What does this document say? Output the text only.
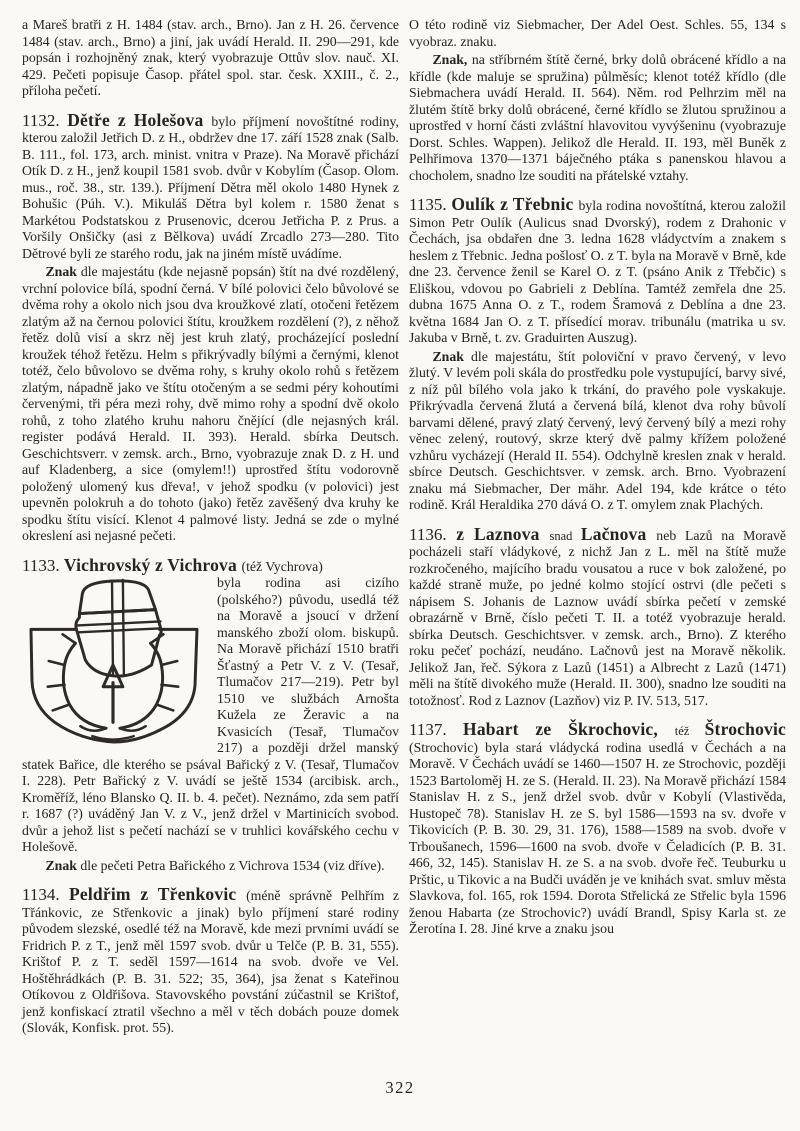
a Mareš bratři z H. 1484 (stav. arch., Brno). Jan z H. 26. července 1484 (stav. arch., Brno) a jiní, jak uvádí Herald. II. 290—291, kde popsán i rozhojněný znak, který vyobrazuje Ottův slov. nauč. XI. 429. Pečeti popisuje Časop. přátel spol. star. česk. XXIII., č. 2., příloha pečetí.

1132. Dětře z Holešova bylo příjmení novoštítné rodiny, kterou založil Jetřich D. z H., obdržev dne 17. září 1528 znak (Salb. B. 111., fol. 173, arch. minist. vnitra v Praze). Na Moravě přichází Otík D. z H., jenž koupil 1581 svob. dvůr v Kobylím (Časop. Olom. mus., roč. 38., str. 139.). Příjmení Dětra měl okolo 1480 Hynek z Bohušic (Púh. V.). Mikuláš Dětra byl kolem r. 1580 ženat s Markétou Podstatskou z Prusenovic, dcerou Jetřicha P. z Prus. a Voršily Onšičky (asi z Bělkova) uvádí Zrcadlo 273—280. Tito Dětrové byli ze starého rodu, jak na jiném místě uvádíme.

Znak dle majestátu (kde nejasně popsán) štít na dvé rozdělený, vrchní polovice bílá, spodní černá. V bílé polovici čelo bůvolové se dvěma rohy a okolo nich jsou dva kroužkové zlatí, otočeni řetězem zlatým až na černou polovici štítu, kroužkem rozdělení (?), z něhož řetěz dolů visí a skrz něj jest kruh zlatý, procházející poslední kroužek téhož řetězu. Helm s přikrývadly bílými a černými, klenot totéž, čelo bůvolovo se dvěma rohy, s kruhy okolo rohů s řetězem zlatým, nápadně jako ve štítu otočeným a se sedmi péry kohoutími červenými, tři péra mezi rohy, dvě mimo rohy a spodní dvě okolo rohů, z toho zlatého kruhu nahoru čnějící (dle nejasných král. register podává Herald. II. 393). Herald. sbírka Deutsch. Geschichtsverr. v zemsk. arch., Brno, vyobrazuje znak D. z H. und auf Kladenberg, a sice (omylem!!) uprostřed štítu vodorovně položený ulomený kus dřeva!, v jehož spodku (v polovici) jest upevněn polokruh a do tohoto (jako) řetěz zavěšený dva kruhy ke spodku štítu visící. Klenot 4 palmové listy. Jedná se zde o mylné okreslení asi nejasné pečeti.

1133. Vichrovský z Vichrova (též Vychrova)

byla rodina asi cizího (polského?) původu, usedlá též na Moravě a jsoucí v držení manského zboží olom. biskupů. Na Moravě přichází 1510 bratři Šťastný a Petr V. z V. (Tesař, Tlumačov 217—219). Petr byl 1510 ve službách Arnošta Kužela ze Žeravic a na Kvasicích (Tesař, Tlumačov 217) a později držel manský statek Bařice, dle kterého se psával Bařický z V. (Tesař, Tlumačov I. 228). Petr Bařický z V. uvádí se ještě 1534 (arcibisk. arch., Kroměříž, léno Blansko Q. II. b. 4. pečet). Neznámo, zda sem patří r. 1687 (?) uváděný Jan V. z V., jenž držel v Martinicích svobod. dvůr a jehož list s pečetí nachází se v truhlici kovářského cechu v Holešově.

Znak dle pečeti Petra Bařického z Vichrova 1534 (viz dříve).

1134. Peldřim z Třenkovic (méně správně Pelhřím z Třánkovic, ze Střenkovic a jinak) bylo příjmení staré rodiny původem slezské, osedlé též na Moravě, kde mezi prvními uvádí se Fridrich P. z T., jenž měl 1597 svob. dvůr u Telče (P. B. 31, 555). Krištof P. z T. seděl 1597—1614 na svob. dvoře ve Vel. Hoštěhrádkách (P. B. 31. 522; 35, 364), jsa ženat s Kateřinou Otíkovou z Oldřišova. Stavovského povstání zúčastnil se Krištof, jenž konfiskací ztratil všechno a měl v těch dobách pouze domek (Slovák, Konfisk. prot. 55).

O této rodině viz Siebmacher, Der Adel Oest. Schles. 55, 134 s vyobraz. znaku.

Znak, na stříbrném štítě černé, brky dolů obrácené křídlo a na křídle (kde maluje se spružina) půlměsíc; klenot totéž křídlo (dle Siebmachera uvádí Herald. II. 564). Něm. rod Pelhrzim měl na žlutém štítě brky dolů obrácené, černé křídlo se žlutou spružinou a uprostřed v horní části zvláštní hlavovitou vyvýšeninu (vyobrazuje Dorst. Schles. Wappen). Jelikož dle Herald. II. 193, měl Buněk z Pelhřimova 1370—1371 báječného ptáka s panenskou hlavou a chocholem, snadno lze souditi na přátelské vztahy.

1135. Oulík z Třebnic byla rodina novoštítná, kterou založil Simon Petr Oulík (Aulicus snad Dvorský), rodem z Drahonic v Čechách, jsa obdařen dne 3. ledna 1628 vládyctvím a znakem s heslem z Třebnic. Jedna pošlosť O. z T. byla na Moravě v Brně, kde dne 23. července ženil se Karel O. z T. (psáno Anik z Třebčic) s Eliškou, vdovou po Gabrieli z Deblína. Tamtéž zemřela dne 25. dubna 1675 Anna O. z T., rodem Šramová z Deblína a dne 23. května 1684 Jan O. z T. přísedící morav. tribunálu (matrika u sv. Jakuba v Brně, t. zv. Graduirten Auszug).

Znak dle majestátu, štít poloviční v pravo červený, v levo žlutý. V levém poli skála do prostředku pole vystupující, barvy sivé, z níž půl bílého vola jako k trkání, do pravého pole vyskakuje. Přikrývadla červená žlutá a červená bílá, klenot dva rohy bůvolí barvami dělené, pravý zlatý červený, levý červený bílý a mezi rohy věnec zelený, routový, skrze který dvě palmy křížem položené vzhůru vycházejí (Herald II. 554). Odchylně kreslen znak v herald. sbírce Deutsch. Geschichtsver. v zemsk. arch. Brno. Vyobrazení znaku má Siebmacher, Der mähr. Adel 194, kde krátce o této rodině. Král Heraldika 270 dává O. z T. omylem znak Plachých.

1136. z Laznova snad Lačnova neb Lazů na Moravě pocházeli staří vládykové, z nichž Jan z L. měl na štítě muže rozkročeného, majícího bradu vousatou a ruce v bok založené, po každé straně muže, po jedné kolmo stojící ostrvi (dle pečeti s nápisem S. Johanis de Laznow uvádí sbírka pečetí v zemské obrazárně v Brně, číslo pečeti T. II. a totéž vyobrazuje herald. sbírka Deutsch. Geschichtsver. v zemsk. arch., Brno). Z kterého roku pečeť pochází, neudáno. Lačnovů jest na Moravě několik. Jelikož Jan, řeč. Sýkora z Lazů (1451) a Albrecht z Lazů (1471) měli na štítě divokého muže (Herald. II. 300), snadno lze souditi na totožnosť. Rod z Laznov (Lazňov) viz P. IV. 513, 517.

1137. Habart ze Škrochovic, též Štrochovic (Strochovic) byla stará vládycká rodina usedlá v Čechách a na Moravě. V Čechách uvádí se 1460—1507 H. ze Strochovic, později 1523 Bartoloměj H. ze S. (Herald. II. 23). Na Moravě přichází 1584 Stanislav H. z S., jenž držel svob. dvůr v Kobylí (Vlastivěda, Hustopeč 78). Stanislav H. ze S. byl 1586—1593 na sv. dvoře v Tikovicích (P. B. 30. 29, 31. 176), 1588—1589 na svob. dvoře v Trboušanech, 1596—1600 na svob. dvoře v Čeladicích (P. B. 31. 466, 32, 145). Stanislav H. ze S. a na svob. dvoře řeč. Teuburku u Prštic, u Tikovic a na Budči uváděn je ve knihách svat. smluv města Slavkova, fol. 165, rok 1594. Dorota Střelická ze Střelic byla 1596 ženou Habarta (ze Strochovic?) uvádí Brandl, Spisy Karla st. ze Žerotína I. 28. Jiné krve a znaku jsou

322
